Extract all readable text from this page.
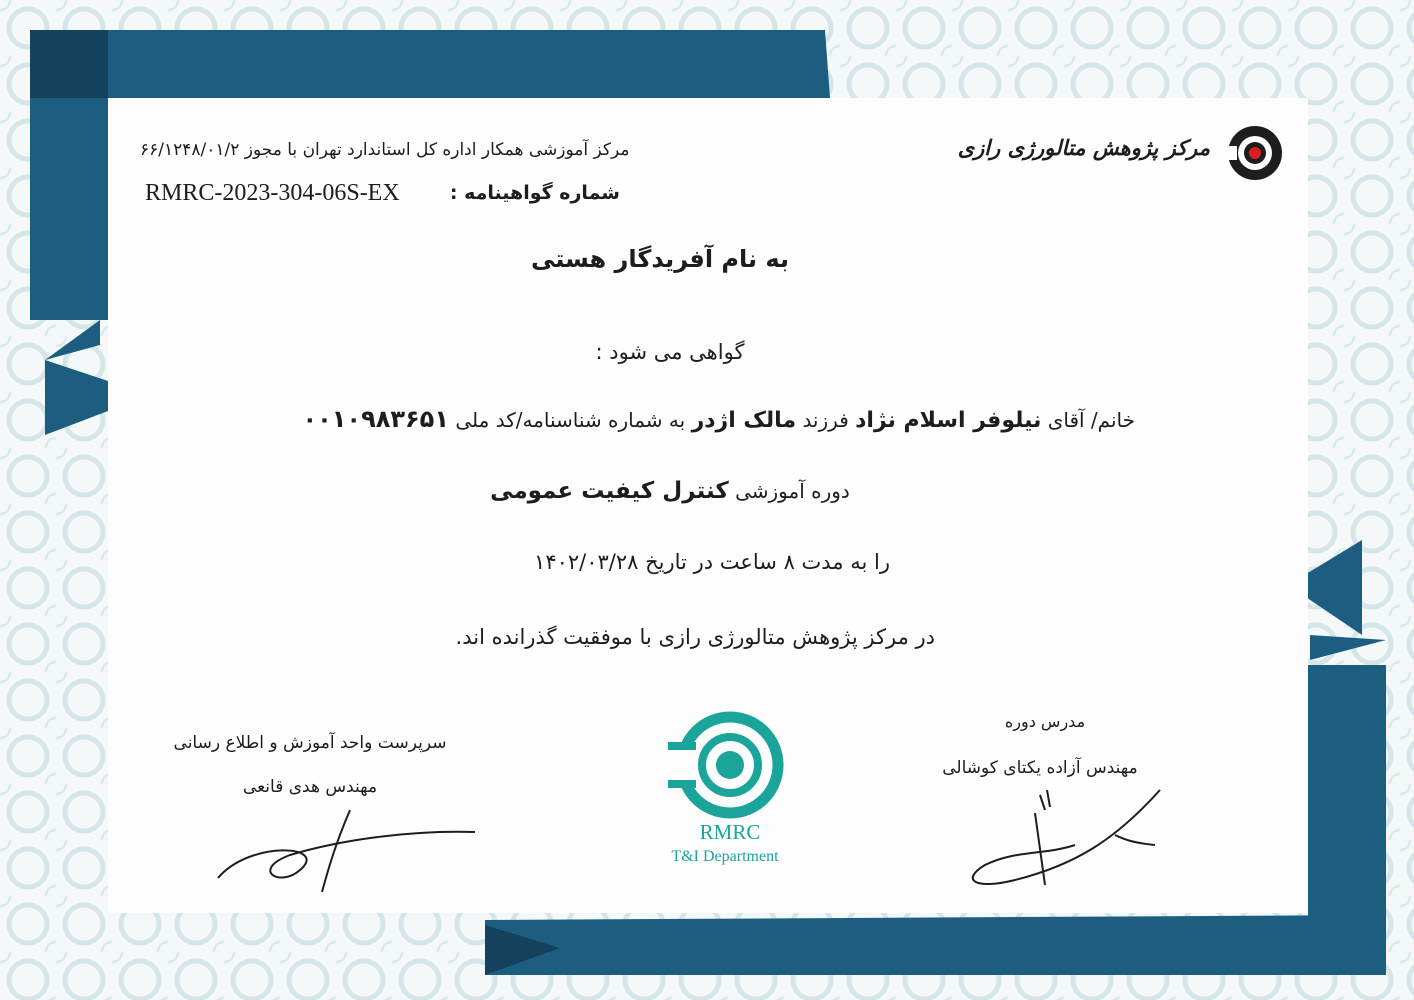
مرکز آموزشی همکار اداره کل استاندارد تهران با مجوز ۶۶/۱۲۴۸/۰۱/۲
RMRC-2023-304-06S-EX	شماره گواهینامه :
مرکز پژوهش متالورژی رازی
به نام آفریدگار هستی
گواهی می شود :
خانم/ آقای نیلوفر اسلام نژاد فرزند مالک اژدر به شماره شناسنامه/کد ملی ۰۰۱۰۹۸۳۶۵۱
دوره آموزشی کنترل کیفیت عمومی
را به مدت ۸ ساعت در تاریخ ۱۴۰۲/۰۳/۲۸
در مرکز پژوهش متالورژی رازی با موفقیت گذرانده اند.
سرپرست واحد آموزش و اطلاع رسانی
مهندس هدی قانعی
مدرس دوره
مهندس آزاده یکتای کوشالی
RMRC
T&I Department
